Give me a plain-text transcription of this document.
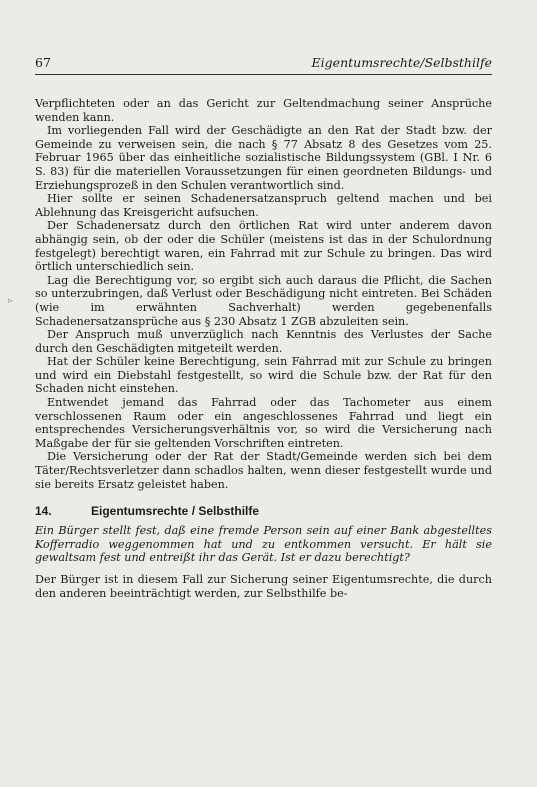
67	Eigentumsrechte/Selbsthilfe
▹

Verpflichteten oder an das Gericht zur Geltendmachung seiner Ansprüche wenden kann.

Im vorliegenden Fall wird der Geschädigte an den Rat der Stadt bzw. der Gemeinde zu verweisen sein, die nach § 77 Absatz 8 des Gesetzes vom 25. Februar 1965 über das einheitliche sozialistische Bildungssystem (GBl. I Nr. 6 S. 83) für die materiellen Voraussetzungen für einen geordneten Bildungs- und Erziehungsprozeß in den Schulen verantwortlich sind.

Hier sollte er seinen Schadenersatzanspruch geltend machen und bei Ablehnung das Kreisgericht aufsuchen.

Der Schadenersatz durch den örtlichen Rat wird unter anderem davon abhängig sein, ob der oder die Schüler (meistens ist das in der Schulordnung festgelegt) berechtigt waren, ein Fahrrad mit zur Schule zu bringen. Das wird örtlich unterschiedlich sein.

Lag die Berechtigung vor, so ergibt sich auch daraus die Pflicht, die Sachen so unterzubringen, daß Verlust oder Beschädigung nicht eintreten. Bei Schäden (wie im erwähnten Sachverhalt) werden gegebenenfalls Schadenersatzansprüche aus § 230 Absatz 1 ZGB abzuleiten sein.

Der Anspruch muß unverzüglich nach Kenntnis des Verlustes der Sache durch den Geschädigten mitgeteilt werden.

Hat der Schüler keine Berechtigung, sein Fahrrad mit zur Schule zu bringen und wird ein Diebstahl festgestellt, so wird die Schule bzw. der Rat für den Schaden nicht einstehen.

Entwendet jemand das Fahrrad oder das Tachometer aus einem verschlossenen Raum oder ein angeschlossenes Fahrrad und liegt ein entsprechendes Versicherungsverhältnis vor, so wird die Versicherung nach Maßgabe der für sie geltenden Vorschriften eintreten.

Die Versicherung oder der Rat der Stadt/Gemeinde werden sich bei dem Täter/Rechtsverletzer dann schadlos halten, wenn dieser festgestellt wurde und sie bereits Ersatz geleistet haben.

14.	Eigentumsrechte / Selbsthilfe

Ein Bürger stellt fest, daß eine fremde Person sein auf einer Bank abgestelltes Kofferradio weggenommen hat und zu entkommen versucht. Er hält sie gewaltsam fest und entreißt ihr das Gerät. Ist er dazu berechtigt?

Der Bürger ist in diesem Fall zur Sicherung seiner Eigentumsrechte, die durch den anderen beeinträchtigt werden, zur Selbsthilfe be-
